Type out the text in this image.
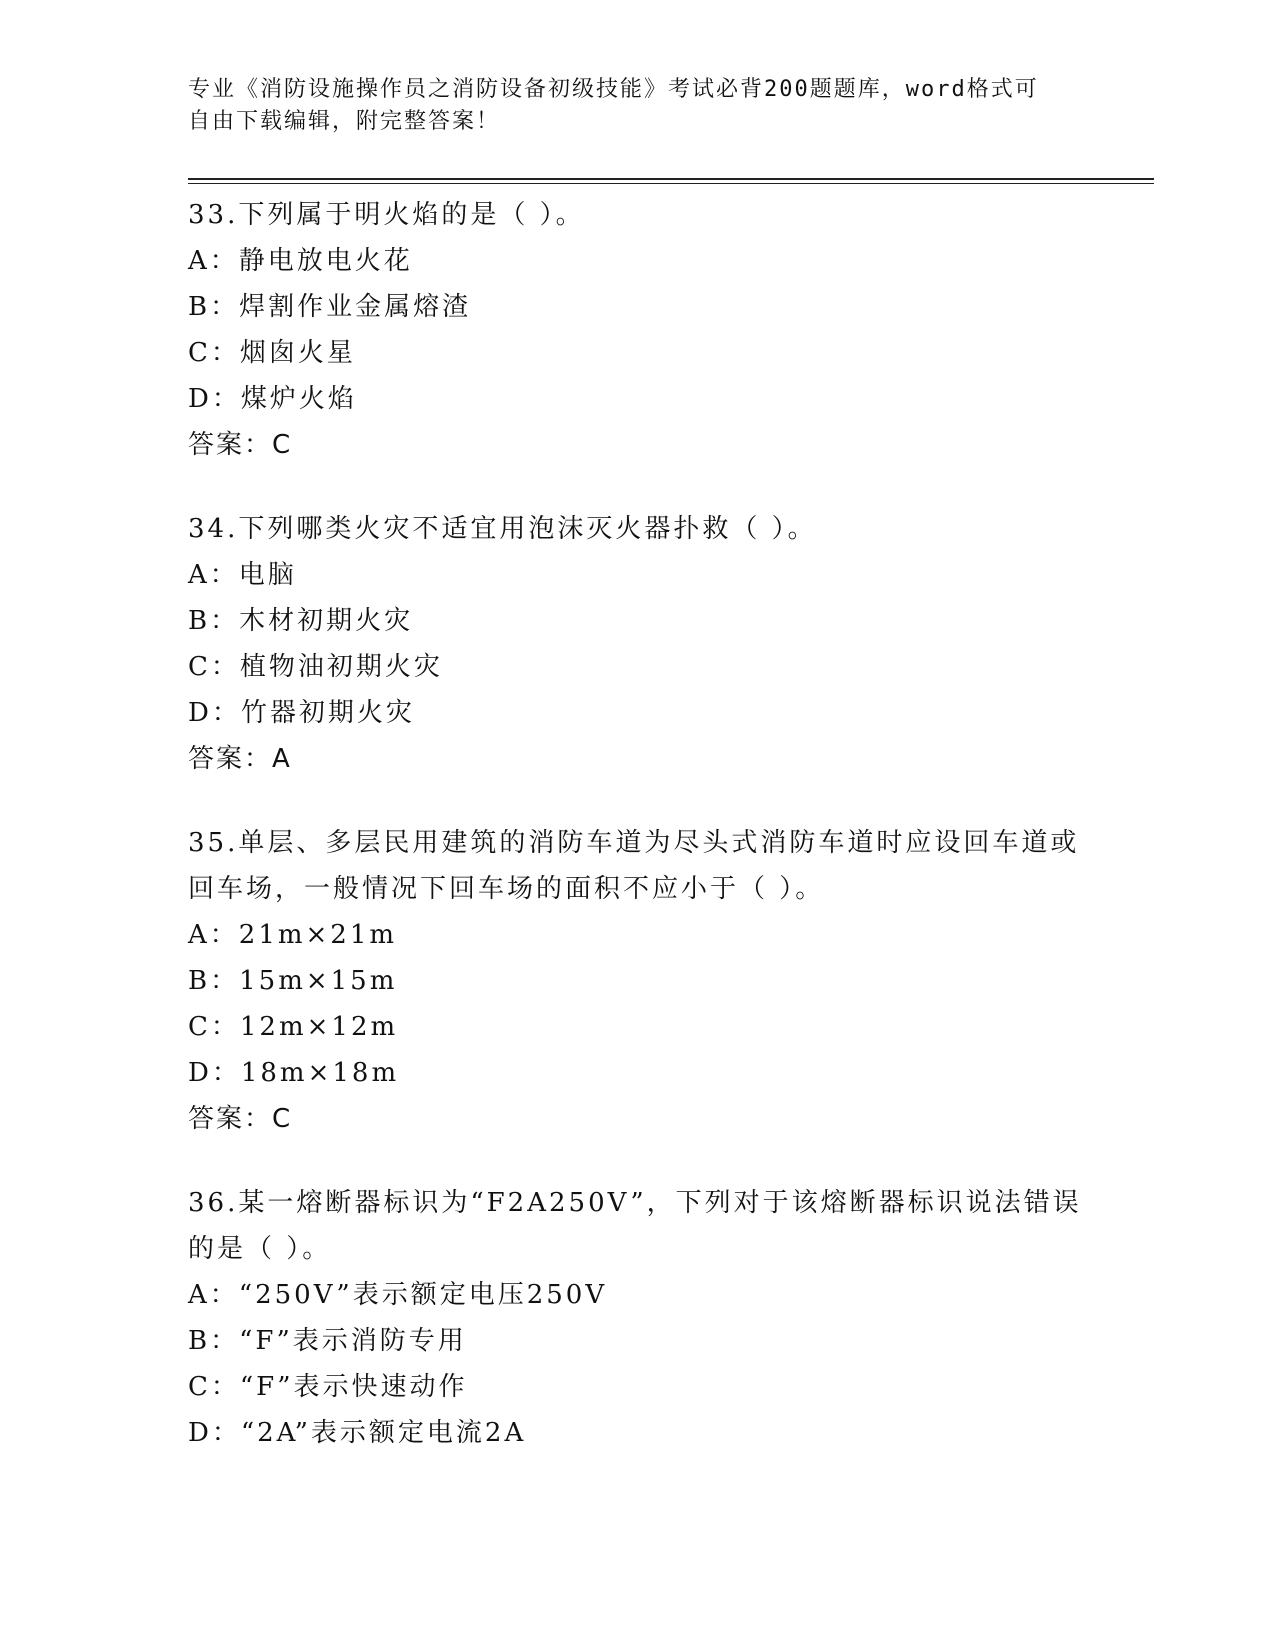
专业《消防设施操作员之消防设备初级技能》考试必背200题题库，word格式可
自由下载编辑，附完整答案！
33.下列属于明火焰的是（ ）。
A：静电放电火花
B：焊割作业金属熔渣
C：烟囱火星
D：煤炉火焰
答案：C
34.下列哪类火灾不适宜用泡沫灭火器扑救（ ）。
A：电脑
B：木材初期火灾
C：植物油初期火灾
D：竹器初期火灾
答案：A
35.单层、多层民用建筑的消防车道为尽头式消防车道时应设回车道或
回车场，一般情况下回车场的面积不应小于（ ）。
A：21m×21m
B：15m×15m
C：12m×12m
D：18m×18m
答案：C
36.某一熔断器标识为“F2A250V”，下列对于该熔断器标识说法错误
的是（ ）。
A：“250V”表示额定电压250V
B：“F”表示消防专用
C：“F”表示快速动作
D：“2A”表示额定电流2A
